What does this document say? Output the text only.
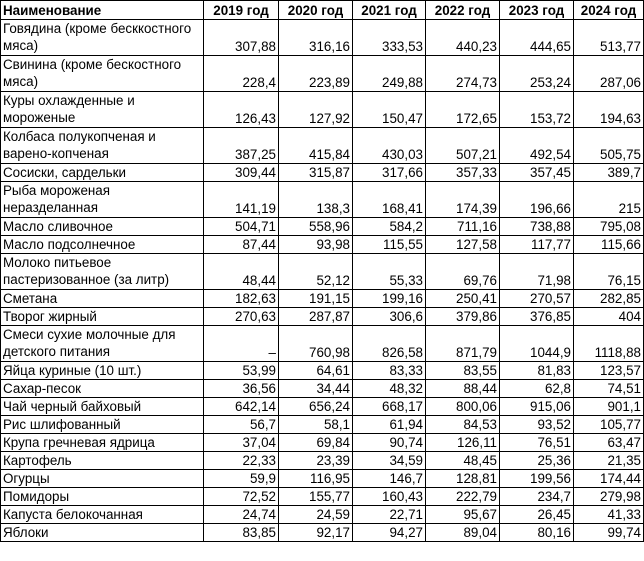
Наименование	2019 год	2020 год	2021 год	2022 год	2023 год	2024 год
Говядина (кроме бесккостного мяса)	307,88	316,16	333,53	440,23	444,65	513,77
Свинина (кроме бескостного мяса)	228,4	223,89	249,88	274,73	253,24	287,06
Куры охлажденные и мороженые	126,43	127,92	150,47	172,65	153,72	194,63
Колбаса полукопченая и варено-копченая	387,25	415,84	430,03	507,21	492,54	505,75
Сосиски, сардельки	309,44	315,87	317,66	357,33	357,45	389,7
Рыба мороженая неразделанная	141,19	138,3	168,41	174,39	196,66	215
Масло сливочное	504,71	558,96	584,2	711,16	738,88	795,08
Масло подсолнечное	87,44	93,98	115,55	127,58	117,77	115,66
Молоко питьевое пастеризованное (за литр)	48,44	52,12	55,33	69,76	71,98	76,15
Сметана	182,63	191,15	199,16	250,41	270,57	282,85
Творог жирный	270,63	287,87	306,6	379,86	376,85	404
Смеси сухие молочные для детского питания	–	760,98	826,58	871,79	1044,9	1118,88
Яйца куриные (10 шт.)	53,99	64,61	83,33	83,55	81,83	123,57
Сахар-песок	36,56	34,44	48,32	88,44	62,8	74,51
Чай черный байховый	642,14	656,24	668,17	800,06	915,06	901,1
Рис шлифованный	56,7	58,1	61,94	84,53	93,52	105,77
Крупа гречневая ядрица	37,04	69,84	90,74	126,11	76,51	63,47
Картофель	22,33	23,39	34,59	48,45	25,36	21,35
Огурцы	59,9	116,95	146,7	128,81	199,56	174,44
Помидоры	72,52	155,77	160,43	222,79	234,7	279,98
Капуста белокочанная	24,74	24,59	22,71	95,67	26,45	41,33
Яблоки	83,85	92,17	94,27	89,04	80,16	99,74
